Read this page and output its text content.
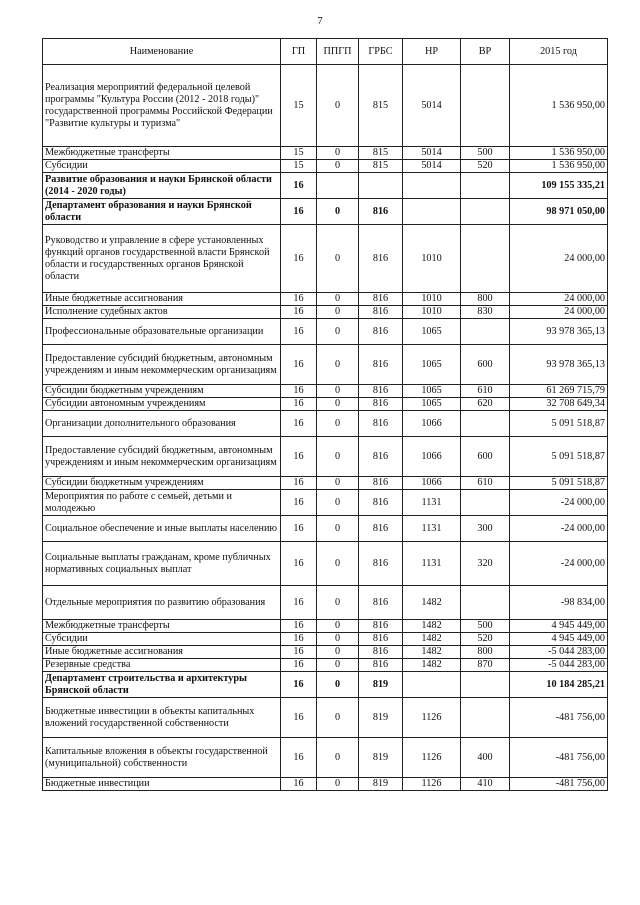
7
Наименование	ГП	ППГП	ГРБС	НР	ВР	2015 год
Реализация мероприятий федеральной целевой программы "Культура России (2012 - 2018 годы)" государственной программы Российской Федерации "Развитие культуры и туризма"	15	0	815	5014		1 536 950,00
Межбюджетные трансферты	15	0	815	5014	500	1 536 950,00
Субсидии	15	0	815	5014	520	1 536 950,00
Развитие образования и науки Брянской области (2014 - 2020 годы)	16					109 155 335,21
Департамент образования и науки Брянской области	16	0	816			98 971 050,00
Руководство и управление в сфере установленных функций органов государственной власти Брянской области и государственных органов Брянской области	16	0	816	1010		24 000,00
Иные бюджетные ассигнования	16	0	816	1010	800	24 000,00
Исполнение судебных актов	16	0	816	1010	830	24 000,00
Профессиональные образовательные организации	16	0	816	1065		93 978 365,13
Предоставление субсидий бюджетным, автономным учреждениям и иным некоммерческим организациям	16	0	816	1065	600	93 978 365,13
Субсидии бюджетным учреждениям	16	0	816	1065	610	61 269 715,79
Субсидии автономным учреждениям	16	0	816	1065	620	32 708 649,34
Организации дополнительного образования	16	0	816	1066		5 091 518,87
Предоставление субсидий бюджетным, автономным учреждениям и иным некоммерческим организациям	16	0	816	1066	600	5 091 518,87
Субсидии бюджетным учреждениям	16	0	816	1066	610	5 091 518,87
Мероприятия по работе с семьей, детьми и молодежью	16	0	816	1131		-24 000,00
Социальное обеспечение и иные выплаты населению	16	0	816	1131	300	-24 000,00
Социальные выплаты гражданам, кроме публичных нормативных социальных выплат	16	0	816	1131	320	-24 000,00
Отдельные мероприятия по развитию образования	16	0	816	1482		-98 834,00
Межбюджетные трансферты	16	0	816	1482	500	4 945 449,00
Субсидии	16	0	816	1482	520	4 945 449,00
Иные бюджетные ассигнования	16	0	816	1482	800	-5 044 283,00
Резервные средства	16	0	816	1482	870	-5 044 283,00
Департамент строительства и архитектуры Брянской области	16	0	819			10 184 285,21
Бюджетные инвестиции в объекты капитальных вложений государственной собственности	16	0	819	1126		-481 756,00
Капитальные вложения в объекты государственной (муниципальной) собственности	16	0	819	1126	400	-481 756,00
Бюджетные инвестиции	16	0	819	1126	410	-481 756,00
